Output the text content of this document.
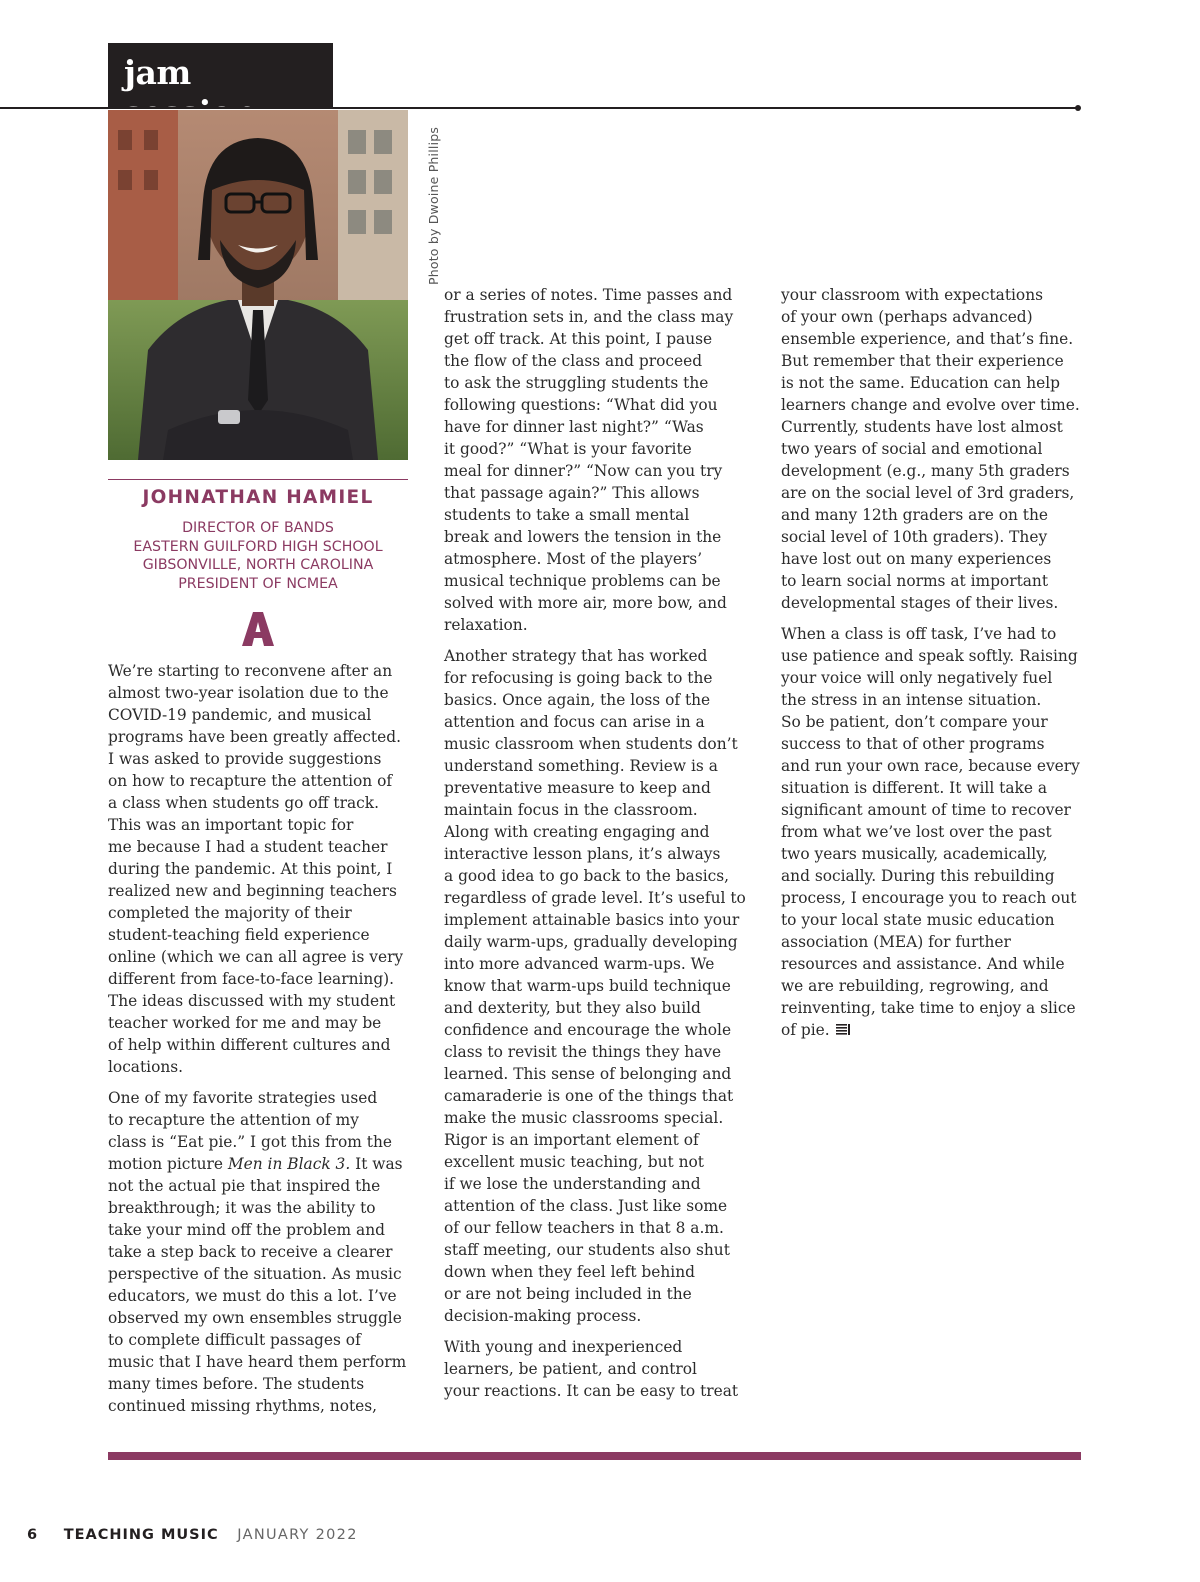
jam
Photo by Dwoine Phillips
JOHNATHAN HAMIEL
DIRECTOR OF BANDS
EASTERN GUILFORD HIGH SCHOOL
GIBSONVILLE, NORTH CAROLINA
PRESIDENT OF NCMEA
We’re starting to reconvene after an
almost two-year isolation due to the
COVID-19 pandemic, and musical
programs have been greatly affected.
I was asked to provide suggestions
on how to recapture the attention of
a class when students go off track.
This was an important topic for
me because I had a student teacher
during the pandemic. At this point, I
realized new and beginning teachers
completed the majority of their
student-teaching field experience
online (which we can all agree is very
different from face-to-face learning).
The ideas discussed with my student
teacher worked for me and may be
of help within different cultures and
locations.
One of my favorite strategies used
to recapture the attention of my
class is “Eat pie.” I got this from the
motion picture Men in Black 3. It was
not the actual pie that inspired the
breakthrough; it was the ability to
take your mind off the problem and
take a step back to receive a clearer
perspective of the situation. As music
educators, we must do this a lot. I’ve
observed my own ensembles struggle
to complete difficult passages of
music that I have heard them perform
many times before. The students
continued missing rhythms, notes,
or a series of notes. Time passes and
frustration sets in, and the class may
get off track. At this point, I pause
the flow of the class and proceed
to ask the struggling students the
following questions: “What did you
have for dinner last night?” “Was
it good?” “What is your favorite
meal for dinner?” “Now can you try
that passage again?” This allows
students to take a small mental
break and lowers the tension in the
atmosphere. Most of the players’
musical technique problems can be
solved with more air, more bow, and
relaxation.
Another strategy that has worked
for refocusing is going back to the
basics. Once again, the loss of the
attention and focus can arise in a
music classroom when students don’t
understand something. Review is a
preventative measure to keep and
maintain focus in the classroom.
Along with creating engaging and
interactive lesson plans, it’s always
a good idea to go back to the basics,
regardless of grade level. It’s useful to
implement attainable basics into your
daily warm-ups, gradually developing
into more advanced warm-ups. We
know that warm-ups build technique
and dexterity, but they also build
confidence and encourage the whole
class to revisit the things they have
learned. This sense of belonging and
camaraderie is one of the things that
make the music classrooms special.
Rigor is an important element of
excellent music teaching, but not
if we lose the understanding and
attention of the class. Just like some
of our fellow teachers in that 8 a.m.
staff meeting, our students also shut
down when they feel left behind
or are not being included in the
decision-making process.
With young and inexperienced
learners, be patient, and control
your reactions. It can be easy to treat
your classroom with expectations
of your own (perhaps advanced)
ensemble experience, and that’s fine.
But remember that their experience
is not the same. Education can help
learners change and evolve over time.
Currently, students have lost almost
two years of social and emotional
development (e.g., many 5th graders
are on the social level of 3rd graders,
and many 12th graders are on the
social level of 10th graders). They
have lost out on many experiences
to learn social norms at important
developmental stages of their lives.
When a class is off task, I’ve had to
use patience and speak softly. Raising
your voice will only negatively fuel
the stress in an intense situation.
So be patient, don’t compare your
success to that of other programs
and run your own race, because every
situation is different. It will take a
significant amount of time to recover
from what we’ve lost over the past
two years musically, academically,
and socially. During this rebuilding
process, I encourage you to reach out
to your local state music education
association (MEA) for further
resources and assistance. And while
we are rebuilding, regrowing, and
reinventing, take time to enjoy a slice
of pie.
6 TEACHING MUSIC JANUARY 2022
